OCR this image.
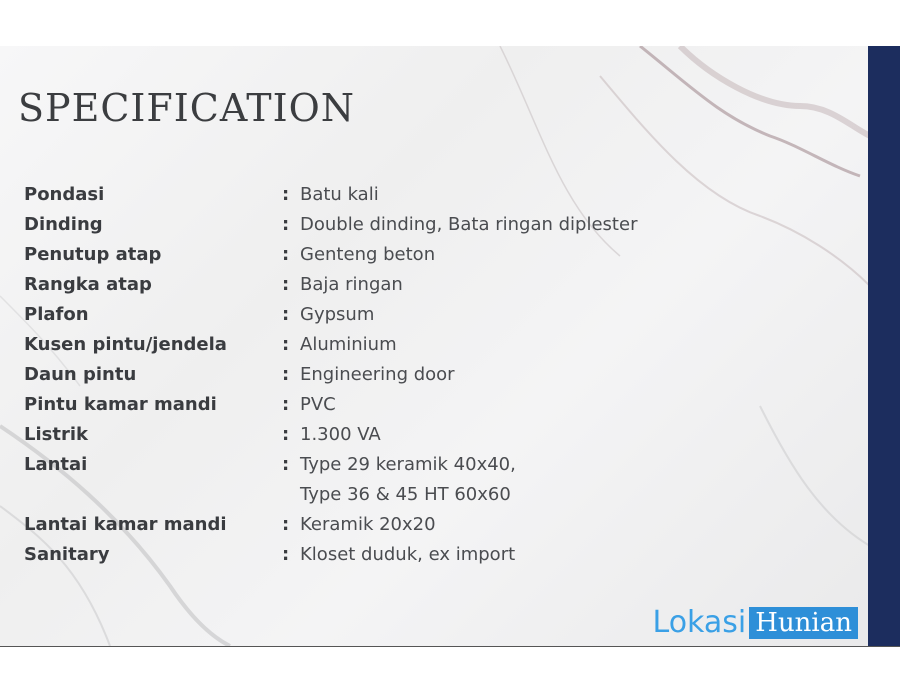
SPECIFICATION
Pondasi	: Batu kali
Dinding	: Double dinding, Bata ringan diplester
Penutup atap	: Genteng beton
Rangka atap	: Baja ringan
Plafon	: Gypsum
Kusen pintu/jendela	: Aluminium
Daun pintu	: Engineering door
Pintu kamar mandi	: PVC
Listrik	: 1.300 VA
Lantai	: Type 29 keramik 40x40,
Type 36 & 45 HT 60x60
Lantai kamar mandi	: Keramik 20x20
Sanitary	: Kloset duduk, ex import
Lokasi Hunian
